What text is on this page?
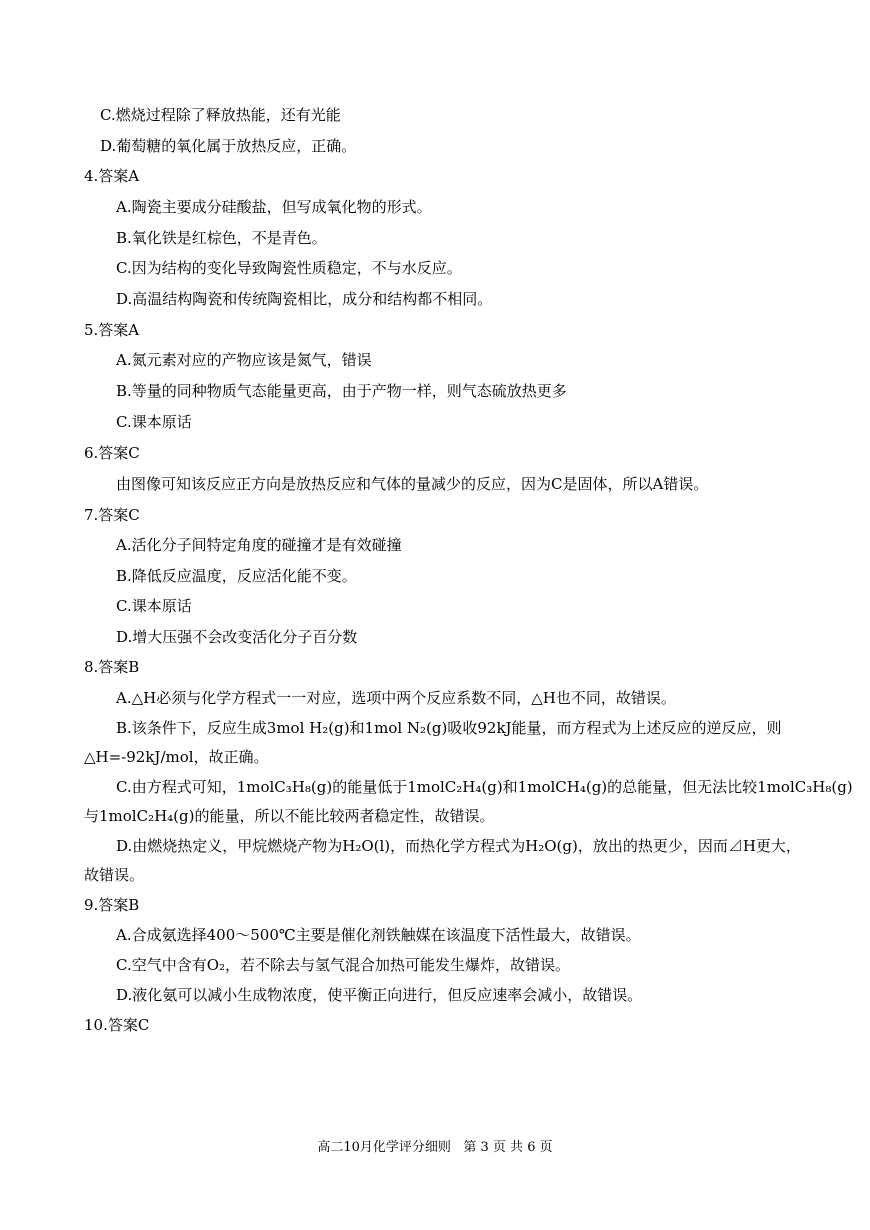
C.燃烧过程除了释放热能，还有光能
D.葡萄糖的氧化属于放热反应，正确。
4.答案A
A.陶瓷主要成分硅酸盐，但写成氧化物的形式。
B.氧化铁是红棕色，不是青色。
C.因为结构的变化导致陶瓷性质稳定，不与水反应。
D.高温结构陶瓷和传统陶瓷相比，成分和结构都不相同。
5.答案A
A.氮元素对应的产物应该是氮气，错误
B.等量的同种物质气态能量更高，由于产物一样，则气态硫放热更多
C.课本原话
6.答案C
由图像可知该反应正方向是放热反应和气体的量减少的反应，因为C是固体，所以A错误。
7.答案C
A.活化分子间特定角度的碰撞才是有效碰撞
B.降低反应温度，反应活化能不变。
C.课本原话
D.增大压强不会改变活化分子百分数
8.答案B
A.△H必须与化学方程式一一对应，选项中两个反应系数不同，△H也不同，故错误。
B.该条件下，反应生成3mol H₂(g)和1mol N₂(g)吸收92kJ能量，而方程式为上述反应的逆反应，则
△H=-92kJ/mol，故正确。
C.由方程式可知，1molC₃H₈(g)的能量低于1molC₂H₄(g)和1molCH₄(g)的总能量，但无法比较1molC₃H₈(g)
与1molC₂H₄(g)的能量，所以不能比较两者稳定性，故错误。
D.由燃烧热定义，甲烷燃烧产物为H₂O(l)，而热化学方程式为H₂O(g)，放出的热更少，因而⊿H更大，
故错误。
9.答案B
A.合成氨选择400～500℃主要是催化剂铁触媒在该温度下活性最大，故错误。
C.空气中含有O₂，若不除去与氢气混合加热可能发生爆炸，故错误。
D.液化氨可以减小生成物浓度，使平衡正向进行，但反应速率会减小，故错误。
10.答案C
高二10月化学评分细则 第 3 页 共 6 页
